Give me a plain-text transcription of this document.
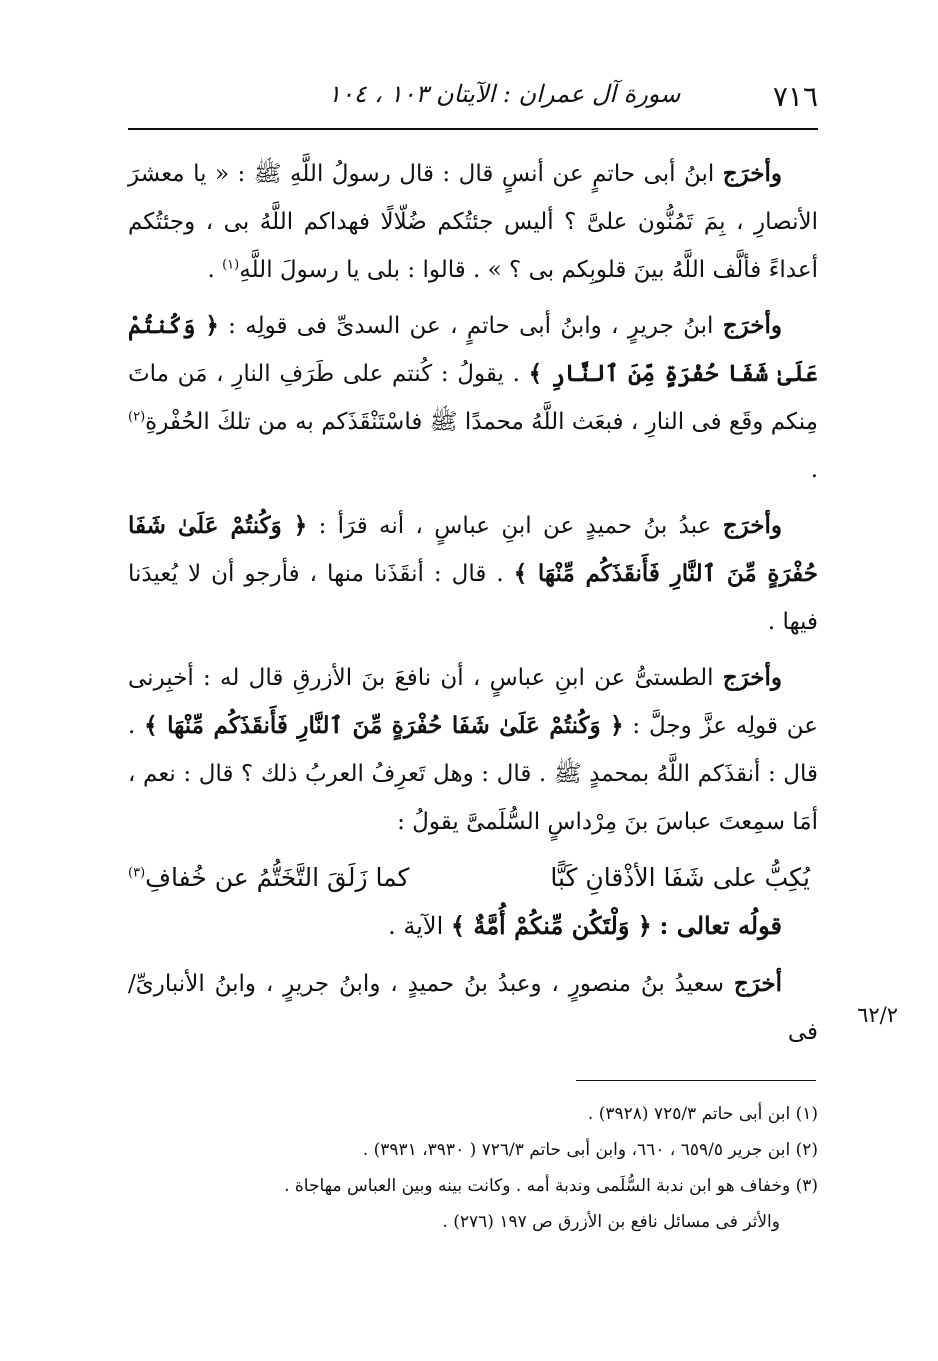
٧١٦
سورة آل عمران : الآيتان ١٠٣ ، ١٠٤

وأخرَج ابنُ أبى حاتمٍ عن أنسٍ قال : قال رسولُ اللَّهِ ﷺ : « يا معشرَ الأنصارِ ، بِمَ تَمُنُّون علىَّ ؟ أليس جئتُكم ضُلّالًا فهداكم اللَّهُ بى ، وجئتُكم أعداءً فألَّف اللَّهُ بينَ قلوبِكم بى ؟ » . قالوا : بلى يا رسولَ اللَّهِ$^{(١)}$ .

وأخرَج ابنُ جريرٍ ، وابنُ أبى حاتمٍ ، عن السدىِّ فى قولِه : ﴿ وَكُنتُمْ عَلَىٰ شَفَا حُفْرَةٍ مِّنَ ٱلنَّارِ ﴾ . يقولُ : كُنتم على طَرَفِ النارِ ، مَن ماتَ مِنكم وقَع فى النارِ ، فبعَث اللَّهُ محمدًا ﷺ فاسْتَنْقَذَكم به من تلكَ الحُفْرةِ$^{(٢)}$ .

وأخرَج عبدُ بنُ حميدٍ عن ابنِ عباسٍ ، أنه قرَأ : ﴿ وَكُنتُمْ عَلَىٰ شَفَا حُفْرَةٍ مِّنَ ٱلنَّارِ فَأَنقَذَكُم مِّنْهَا ﴾ . قال : أنقَذَنا منها ، فأرجو أن لا يُعيدَنا فيها .

وأخرَج الطستىُّ عن ابنِ عباسٍ ، أن نافعَ بنَ الأزرقِ قال له : أخبِرنى عن قولِه عزَّ وجلَّ : ﴿ وَكُنتُمْ عَلَىٰ شَفَا حُفْرَةٍ مِّنَ ٱلنَّارِ فَأَنقَذَكُم مِّنْهَا ﴾ . قال : أنقذَكم اللَّهُ بمحمدٍ ﷺ . قال : وهل تَعرِفُ العربُ ذلك ؟ قال : نعم ، أمَا سمِعتَ عباسَ بنَ مِرْداسٍ السُّلَمىَّ يقولُ :

يُكِبُّ على شَفَا الأذْقانِ كَبًّا
كما زَلَقَ التَّخَتُّمُ عن خُفافِ$^{(٣)}$

قولُه تعالى : ﴿ وَلْتَكُن مِّنكُمْ أُمَّةٌ ﴾ الآية .

أخرَج سعيدُ بنُ منصورٍ ، وعبدُ بنُ حميدٍ ، وابنُ جريرٍ ، وابنُ الأنبارىِّ/ فى

٦٢/٢

(١) ابن أبى حاتم ٧٢٥/٣ (٣٩٢٨) .

(٢) ابن جرير ٦٥٩/٥ ، ٦٦٠، وابن أبى حاتم ٧٢٦/٣ ( ٣٩٣٠، ٣٩٣١) .

(٣) وخفاف هو ابن ندبة السُّلَمى وندبة أمه . وكانت بينه وبين العباس مهاجاة .

والأثر فى مسائل نافع بن الأزرق ص ١٩٧ (٢٧٦) .
